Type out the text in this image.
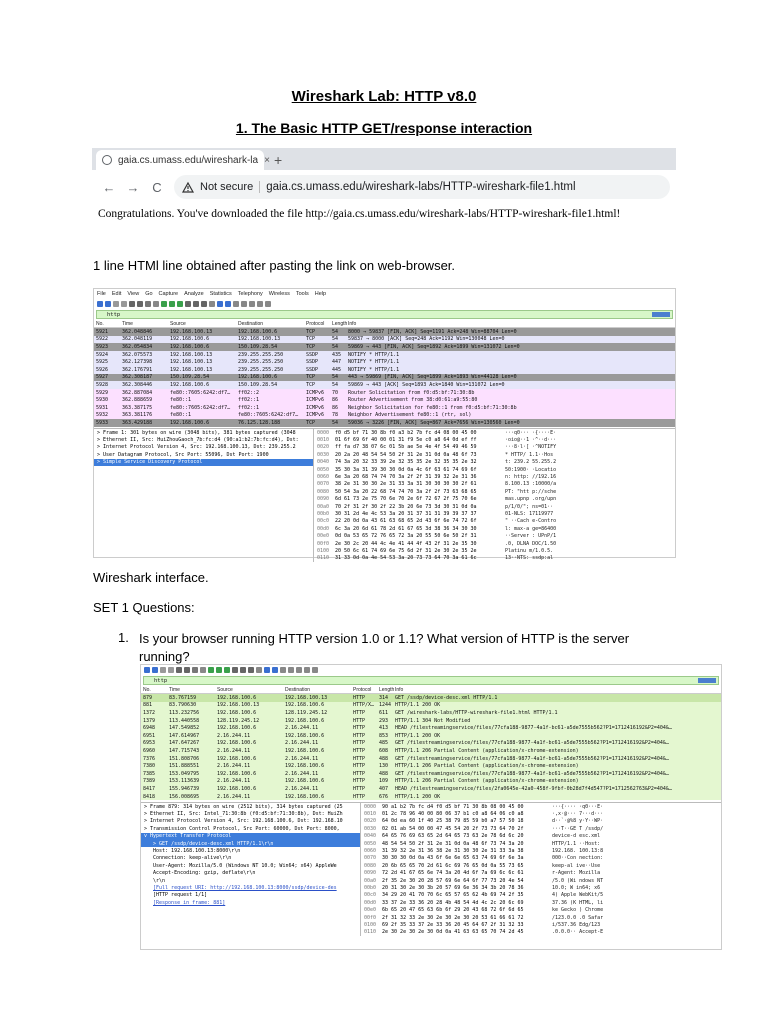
Wireshark Lab: HTTP v8.0
1. The Basic HTTP GET/response interaction
gaia.cs.umass.edu/wireshark-la × +
← → C	Not secure	gaia.cs.umass.edu/wireshark-labs/HTTP-wireshark-file1.html
Congratulations. You've downloaded the file http://gaia.cs.umass.edu/wireshark-labs/HTTP-wireshark-file1.html!
1 line HTMl line obtained after pasting the link on web-browser.
File Edit View Go Capture Analyze Statistics Telephony Wireless Tools Help
http
No.	Time	Source	Destination	Protocol	Length Info
5921	362.048846	192.168.100.13	192.168.100.6	TCP	54	8000 → 59837 [FIN, ACK] Seq=1191 Ack=248 Win=88704 Len=0
5922	362.048119	192.168.100.6	192.168.100.13	TCP	54	59837 → 8000 [ACK] Seq=248 Ack=1192 Win=130048 Len=0
5923	362.054834	192.168.100.6	150.109.28.54	TCP	54	59869 → 443 [FIN, ACK] Seq=1892 Ack=1899 Win=131072 Len=0
5924	362.075573	192.168.100.13	239.255.255.250	SSDP	435	NOTIFY * HTTP/1.1
5925	362.127398	192.168.100.13	239.255.255.250	SSDP	447	NOTIFY * HTTP/1.1
5926	362.176791	192.168.100.13	239.255.255.250	SSDP	445	NOTIFY * HTTP/1.1
5927	362.308187	150.109.28.54	192.168.100.6	TCP	54	443 → 59869 [FIN, ACK] Seq=1899 Ack=1893 Win=44128 Len=0
5928	362.308446	192.168.100.6	150.109.28.54	TCP	54	59869 → 443 [ACK] Seq=1893 Ack=1840 Win=131072 Len=0
5929	362.887084	fe80::7605:6242:df7…	ff02::2	ICMPv6	70	Router Solicitation from f0:d5:bf:71:30:8b
5930	362.888659	fe80::1	ff02::1	ICMPv6	86	Router Advertisement from 38:d0:61:a9:55:80
5931	363.387175	fe80::7605:6242:df7…	ff02::1	ICMPv6	86	Neighbor Solicitation for fe80::1 from f0:d5:bf:71:30:8b
5932	363.381176	fe80::1	fe80::7605:6242:df7…	ICMPv6	78	Neighbor Advertisement fe80::1 (rtr, sol)
5933	363.429188	192.168.100.6	76.125.128.188	TCP	54	59036 → 3226 [FIN, ACK] Seq=867 Ack=7656 Win=130560 Len=0
> Frame 1: 301 bytes on wire (3048 bits), 381 bytes captured (3048
> Ethernet II, Src: HuiZhouGaoch_7b:fc:d4 (90:a1:b2:7b:fc:d4), Dst:
> Internet Protocol Version 4, Src: 192.168.100.13, Dst: 239.255.2
> User Datagram Protocol, Src Port: 55096, Dst Port: 1900
> Simple Service Discovery Protocol
0000	f0 d5 bf 71 30 8b f0 a3 b2 7b fc d4 08 00 45 00	···q0··· ·{····E·
0010	01 6f 69 6f 40 00 01 31 f9 5e c0 a8 64 0d ef ff	·oio@··1 ·^··d···
0020	ff fa d7 38 07 6c 01 5b ae 5e 4e 4f 54 49 46 59	···8·l·[ ·^NOTIFY
0030	20 2a 20 48 54 54 50 2f 31 2e 31 0d 0a 48 6f 73	* HTTP/ 1.1··Hos
0040	74 3a 20 32 33 39 2e 32 35 35 2e 32 35 35 2e 32	t: 239.2 55.255.2
0050	35 30 3a 31 39 30 30 0d 0a 4c 6f 63 61 74 69 6f	50:1900· ·Locatio
0060	6e 3a 20 68 74 74 70 3a 2f 2f 31 39 32 2e 31 36	n: http: //192.16
0070	38 2e 31 30 30 2e 31 33 3a 31 30 30 30 30 2f 61	8.100.13 :10000/a
0080	50 54 3a 20 22 68 74 74 70 3a 2f 2f 73 63 68 65	PT: "htt p://sche
0090	6d 61 73 2e 75 70 6e 70 2e 6f 72 67 2f 75 70 6e	mas.upnp .org/upn
00a0	70 2f 31 2f 30 2f 22 3b 20 6e 73 3d 30 31 0d 0a	p/1/0/"; ns=01··
00b0	30 31 2d 4e 4c 53 3a 20 31 37 31 31 39 39 37 37	01-NLS: 17119977
00c0	22 20 0d 0a 43 61 63 68 65 2d 43 6f 6e 74 72 6f	" ··Cach e-Contro
00d0	6c 3a 20 6d 61 78 2d 61 67 65 3d 38 36 34 30 30	l: max-a ge=86400
00e0	0d 0a 53 65 72 76 65 72 3a 20 55 50 6e 50 2f 31	··Server : UPnP/1
00f0	2e 30 2c 20 44 4c 4e 41 44 4f 43 2f 31 2e 35 30	.0, DLNA DOC/1.50
0100	20 50 6c 61 74 69 6e 75 6d 2f 31 2e 30 2e 35 2e	Platinu m/1.0.5.
0110	31 33 0d 0a 4e 54 53 3a 20 73 73 64 70 3a 61 6c	13··NTS: ssdp:al
Wireshark interface.
SET 1 Questions:
1. Is your browser running HTTP version 1.0 or 1.1? What version of HTTP is the server running?
http
No.	Time	Source	Destination	Protocol	Length Info
879	83.767159	192.168.100.6	192.168.100.13	HTTP	314	GET /ssdp/device-desc.xml HTTP/1.1
881	83.790630	192.168.100.13	192.168.100.6	HTTP/X… 1244 HTTP/1.1 200 OK
1372	113.232756	192.168.100.6	128.119.245.12	HTTP	611	GET /wireshark-labs/HTTP-wireshark-file1.html HTTP/1.1
1379	113.440558	128.119.245.12	192.168.100.6	HTTP	293	HTTP/1.1 304 Not Modified
6948	147.549852	192.168.100.6	2.16.244.11	HTTP	413	HEAD /filestreamingservice/files/77cfa188-9877-4a1f-bc61-a5de7555b562?P1=1712416192&P2=404&…
6951	147.614967	2.16.244.11	192.168.100.6	HTTP	853	HTTP/1.1 200 OK
6953	147.647267	192.168.100.6	2.16.244.11	HTTP	485	GET /filestreamingservice/files/77cfa188-9877-4a1f-bc61-a5de7555b562?P1=1712416192&P2=404&…
6960	147.715743	2.16.244.11	192.168.100.6	HTTP	608	HTTP/1.1 206 Partial Content (application/x-chrome-extension)
7376	151.808706	192.168.100.6	2.16.244.11	HTTP	488	GET /filestreamingservice/files/77cfa188-9877-4a1f-bc61-a5de7555b562?P1=1712416192&P2=404&…
7380	151.888551	2.16.244.11	192.168.100.6	HTTP	130	HTTP/1.1 206 Partial Content (application/x-chrome-extension)
7385	153.049795	192.168.100.6	2.16.244.11	HTTP	488	GET /filestreamingservice/files/77cfa188-9877-4a1f-bc61-a5de7555b562?P1=1712416192&P2=404&…
7389	153.113639	2.16.244.11	192.168.100.6	HTTP	109	HTTP/1.1 206 Partial Content (application/x-chrome-extension)
8417	155.946739	192.168.100.6	2.16.244.11	HTTP	407	HEAD /filestreamingservice/files/2fa0645e-42a0-458f-9fbf-0b28d7f4d547?P1=1712562763&P2=404&…
8418	156.008695	2.16.244.11	192.168.100.6	HTTP	676	HTTP/1.1 200 OK
> Frame 879: 314 bytes on wire (2512 bits), 314 bytes captured (25
> Ethernet II, Src: Intel_71:30:8b (f0:d5:bf:71:30:8b), Dst: HuiZh
> Internet Protocol Version 4, Src: 192.168.100.6, Dst: 192.168.10
> Transmission Control Protocol, Src Port: 60000, Dst Port: 8000,
v Hypertext Transfer Protocol
> GET /ssdp/device-desc.xml HTTP/1.1\r\n
Host: 192.168.100.13:8000\r\n
Connection: keep-alive\r\n
User-Agent: Mozilla/5.0 (Windows NT 10.0; Win64; x64) AppleWe
Accept-Encoding: gzip, deflate\r\n
\r\n
[Full request URI: http://192.168.100.13:8000/ssdp/device-des
[HTTP request 1/1]
[Response in frame: 881]
0000	90 a1 b2 7b fc d4 f0 d5 bf 71 30 8b 08 00 45 00	···{···· ·q0···E·
0010	01 2c 78 96 40 00 80 06 37 b1 c0 a8 64 06 c0 a8	·,x·@··· 7···d···
0020	64 0d ea 60 1f 40 25 38 79 85 59 b0 a7 57 50 18	d··`·@%8 y·Y··WP·
0030	02 01 ab 54 00 00 47 45 54 20 2f 73 73 64 70 2f	···T··GE T /ssdp/
0040	64 65 76 69 63 65 2d 64 65 73 63 2e 78 6d 6c 20	device-d esc.xml
0050	48 54 54 50 2f 31 2e 31 0d 0a 48 6f 73 74 3a 20	HTTP/1.1 ··Host:
0060	31 39 32 2e 31 36 38 2e 31 30 30 2e 31 33 3a 38	192.168. 100.13:8
0070	30 30 30 0d 0a 43 6f 6e 6e 65 63 74 69 6f 6e 3a	000··Con nection:
0080	20 6b 65 65 70 2d 61 6c 69 76 65 0d 0a 55 73 65	keep-al ive··Use
0090	72 2d 41 67 65 6e 74 3a 20 4d 6f 7a 69 6c 6c 61	r-Agent: Mozilla
00a0	2f 35 2e 30 20 28 57 69 6e 64 6f 77 73 20 4e 54	/5.0 (Wi ndows NT
00b0	20 31 30 2e 30 3b 20 57 69 6e 36 34 3b 20 78 36	10.0; W in64; x6
00c0	34 29 20 41 70 70 6c 65 57 65 62 4b 69 74 2f 35	4) Apple WebKit/5
00d0	33 37 2e 33 36 20 28 4b 48 54 4d 4c 2c 20 6c 69	37.36 (K HTML, li
00e0	6b 65 20 47 65 63 6b 6f 29 20 43 68 72 6f 6d 65	ke Gecko ) Chrome
00f0	2f 31 32 33 2e 30 2e 30 2e 30 20 53 61 66 61 72	/123.0.0 .0 Safar
0100	69 2f 35 33 37 2e 33 36 20 45 64 67 2f 31 32 33	i/537.36 Edg/123
0110	2e 30 2e 30 2e 30 0d 0a 41 63 63 65 70 74 2d 45	.0.0.0·· Accept-E
